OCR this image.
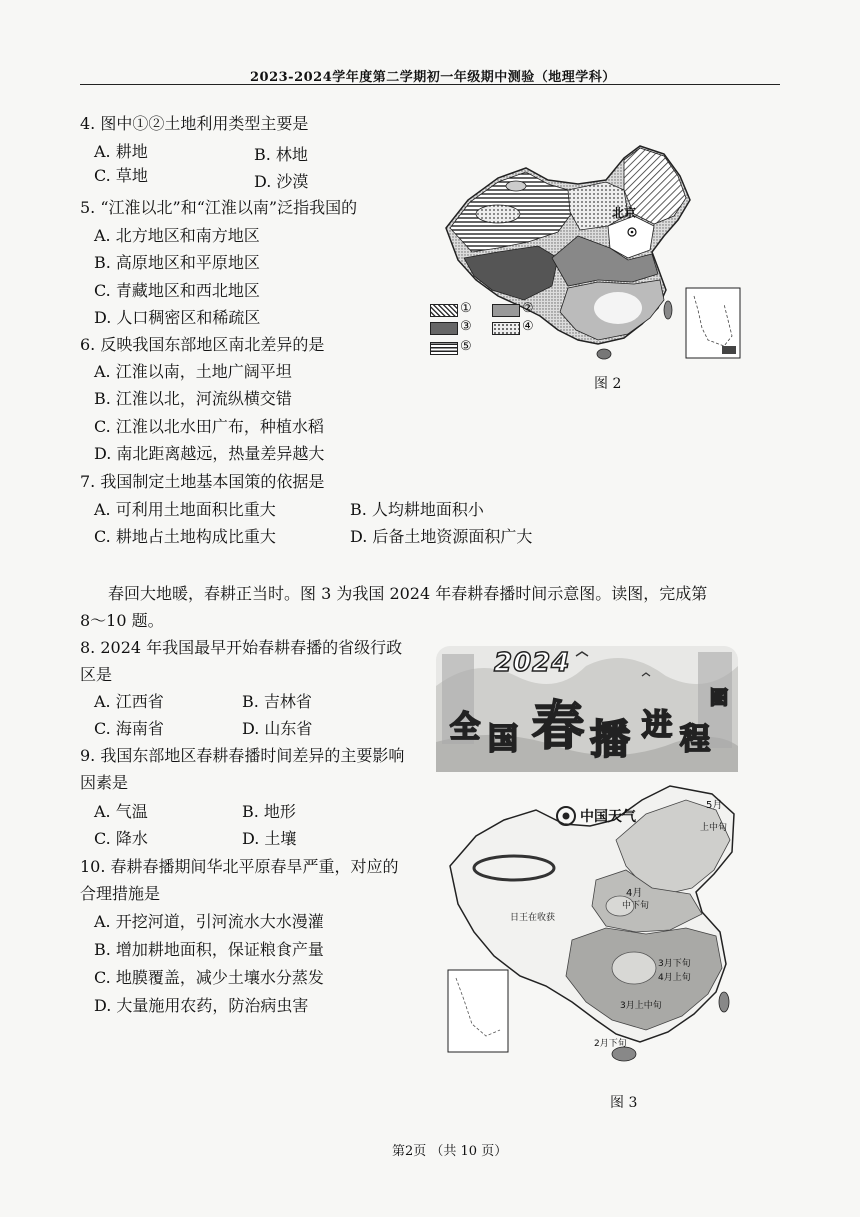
2023-2024学年度第二学期初一年级期中测验（地理学科）
4. 图中①②土地利用类型主要是
A. 耕地	B. 林地
C. 草地	D. 沙漠
5. “江淮以北”和“江淮以南”泛指我国的
A. 北方地区和南方地区
B. 高原地区和平原地区
C. 青藏地区和西北地区
D. 人口稠密区和稀疏区
6. 反映我国东部地区南北差异的是
A. 江淮以南，土地广阔平坦
B. 江淮以北，河流纵横交错
C. 江淮以北水田广布，种植水稻
D. 南北距离越远，热量差异越大
7. 我国制定土地基本国策的依据是
A. 可利用土地面积比重大	B. 人均耕地面积小
C. 耕地占土地构成比重大	D. 后备土地资源面积广大
北京
①
③
⑤
②
④
图 2
春回大地暖，春耕正当时。图 3 为我国 2024 年春耕春播时间示意图。读图，完成第
8～10 题。
8. 2024 年我国最早开始春耕春播的省级行政
区是
A. 江西省	B. 吉林省
C. 海南省	D. 山东省
9. 我国东部地区春耕春播时间差异的主要影响
因素是
A. 气温	B. 地形
C. 降水	D. 土壤
10. 春耕春播期间华北平原春旱严重，对应的
合理措施是
A. 开挖河道，引河流水大水漫灌
B. 增加耕地面积，保证粮食产量
C. 地膜覆盖，减少土壤水分蒸发
D. 大量施用农药，防治病虫害
2024
全 国 春 播 进 程
图
中国天气
5月
上中旬
4月
中下旬
3月下旬
4月上旬
3月上中旬
2月下旬
日王在收获
图 3
第2页 （共 10 页）
